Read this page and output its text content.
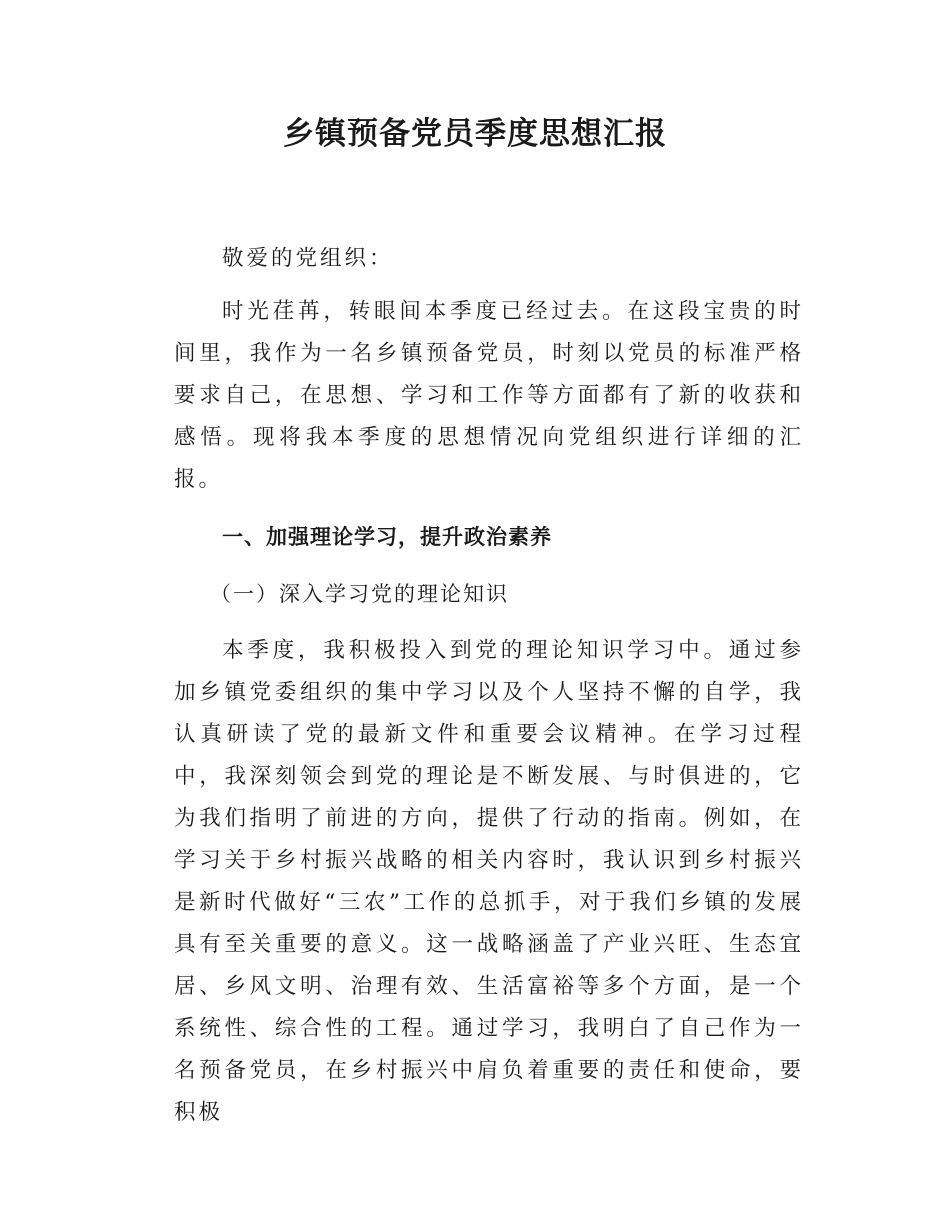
乡镇预备党员季度思想汇报

敬爱的党组织：

时光荏苒，转眼间本季度已经过去。在这段宝贵的时间里，我作为一名乡镇预备党员，时刻以党员的标准严格要求自己，在思想、学习和工作等方面都有了新的收获和感悟。现将我本季度的思想情况向党组织进行详细的汇报。

一、加强理论学习，提升政治素养

（一）深入学习党的理论知识

本季度，我积极投入到党的理论知识学习中。通过参加乡镇党委组织的集中学习以及个人坚持不懈的自学，我认真研读了党的最新文件和重要会议精神。在学习过程中，我深刻领会到党的理论是不断发展、与时俱进的，它为我们指明了前进的方向，提供了行动的指南。例如，在学习关于乡村振兴战略的相关内容时，我认识到乡村振兴是新时代做好“三农”工作的总抓手，对于我们乡镇的发展具有至关重要的意义。这一战略涵盖了产业兴旺、生态宜居、乡风文明、治理有效、生活富裕等多个方面，是一个系统性、综合性的工程。通过学习，我明白了自己作为一名预备党员，在乡村振兴中肩负着重要的责任和使命，要积极
